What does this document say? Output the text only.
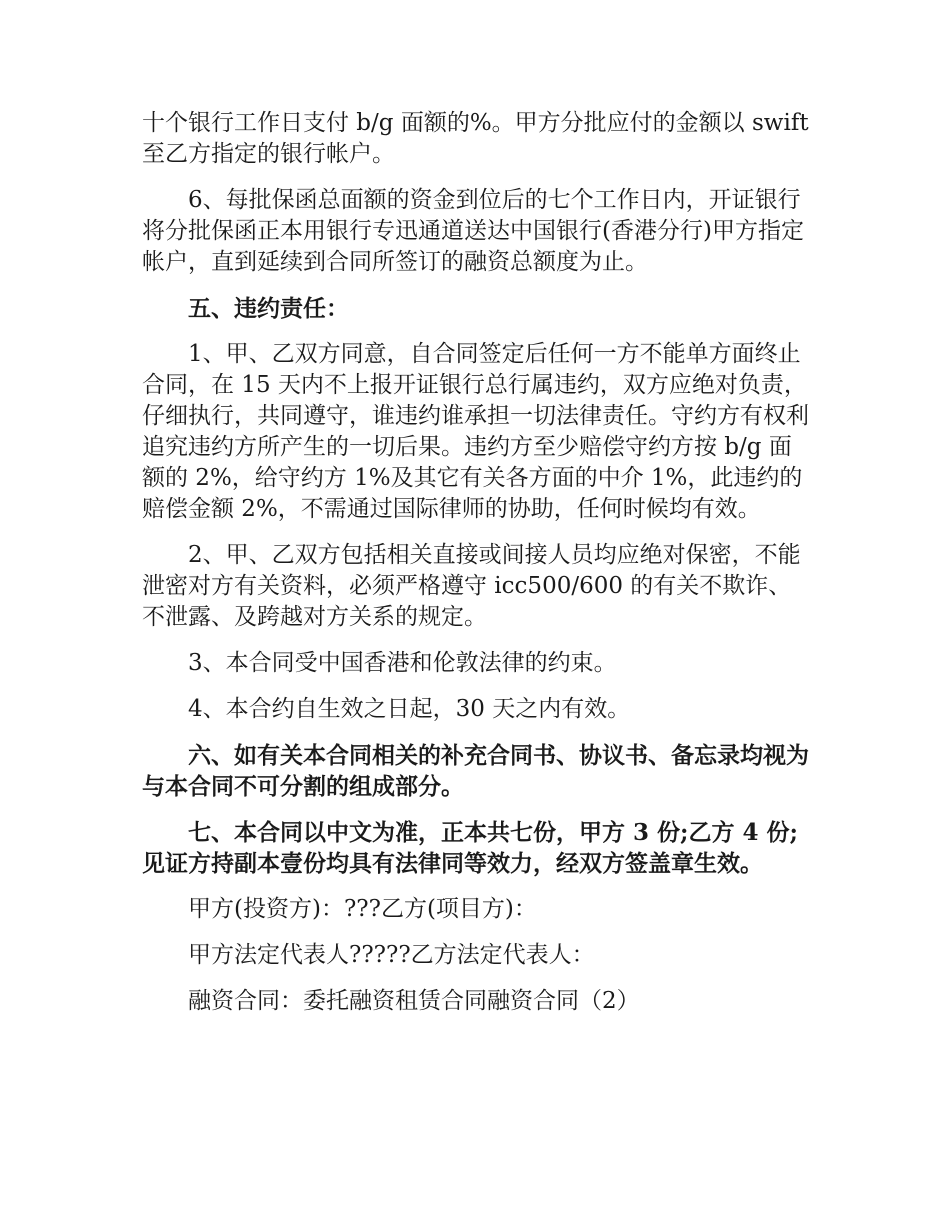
十个银行工作日支付 b/g 面额的%。甲方分批应付的金额以 swift 至乙方指定的银行帐户。

6、每批保函总面额的资金到位后的七个工作日内，开证银行将分批保函正本用银行专迅通道送达中国银行(香港分行)甲方指定帐户，直到延续到合同所签订的融资总额度为止。

五、违约责任：

1、甲、乙双方同意，自合同签定后任何一方不能单方面终止合同，在 15 天内不上报开证银行总行属违约，双方应绝对负责，仔细执行，共同遵守，谁违约谁承担一切法律责任。守约方有权利追究违约方所产生的一切后果。违约方至少赔偿守约方按 b/g 面额的 2%，给守约方 1%及其它有关各方面的中介 1%，此违约的赔偿金额 2%，不需通过国际律师的协助，任何时候均有效。

2、甲、乙双方包括相关直接或间接人员均应绝对保密，不能泄密对方有关资料，必须严格遵守 icc500/600 的有关不欺诈、不泄露、及跨越对方关系的规定。

3、本合同受中国香港和伦敦法律的约束。

4、本合约自生效之日起，30 天之内有效。

六、如有关本合同相关的补充合同书、协议书、备忘录均视为与本合同不可分割的组成部分。

七、本合同以中文为准，正本共七份，甲方 3 份;乙方 4 份;见证方持副本壹份均具有法律同等效力，经双方签盖章生效。

甲方(投资方)：???乙方(项目方)：

甲方法定代表人?????乙方法定代表人：

融资合同：委托融资租赁合同融资合同（2）
